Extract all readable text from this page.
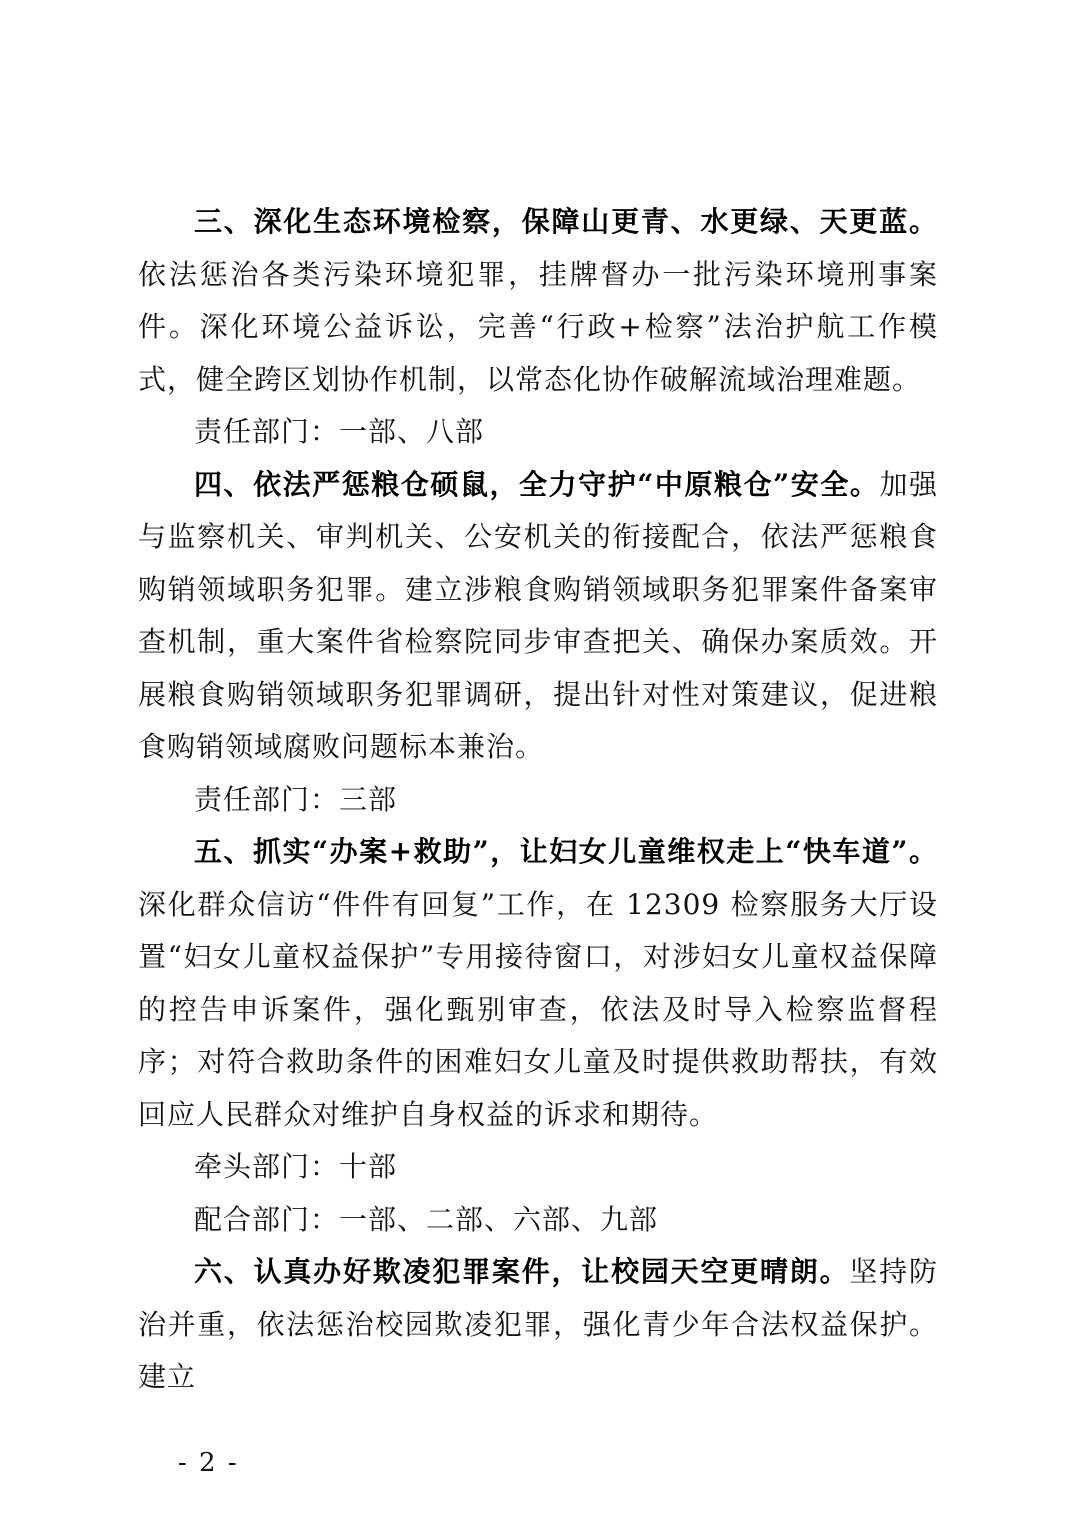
三、深化生态环境检察，保障山更青、水更绿、天更蓝。依法惩治各类污染环境犯罪，挂牌督办一批污染环境刑事案件。深化环境公益诉讼，完善“行政+检察”法治护航工作模式，健全跨区划协作机制，以常态化协作破解流域治理难题。

责任部门：一部、八部

四、依法严惩粮仓硕鼠，全力守护“中原粮仓”安全。加强与监察机关、审判机关、公安机关的衔接配合，依法严惩粮食购销领域职务犯罪。建立涉粮食购销领域职务犯罪案件备案审查机制，重大案件省检察院同步审查把关、确保办案质效。开展粮食购销领域职务犯罪调研，提出针对性对策建议，促进粮食购销领域腐败问题标本兼治。

责任部门：三部

五、抓实“办案+救助”，让妇女儿童维权走上“快车道”。深化群众信访“件件有回复”工作，在 12309 检察服务大厅设置“妇女儿童权益保护”专用接待窗口，对涉妇女儿童权益保障的控告申诉案件，强化甄别审查，依法及时导入检察监督程序；对符合救助条件的困难妇女儿童及时提供救助帮扶，有效回应人民群众对维护自身权益的诉求和期待。

牵头部门：十部

配合部门：一部、二部、六部、九部

六、认真办好欺凌犯罪案件，让校园天空更晴朗。坚持防治并重，依法惩治校园欺凌犯罪，强化青少年合法权益保护。建立

- 2 -
